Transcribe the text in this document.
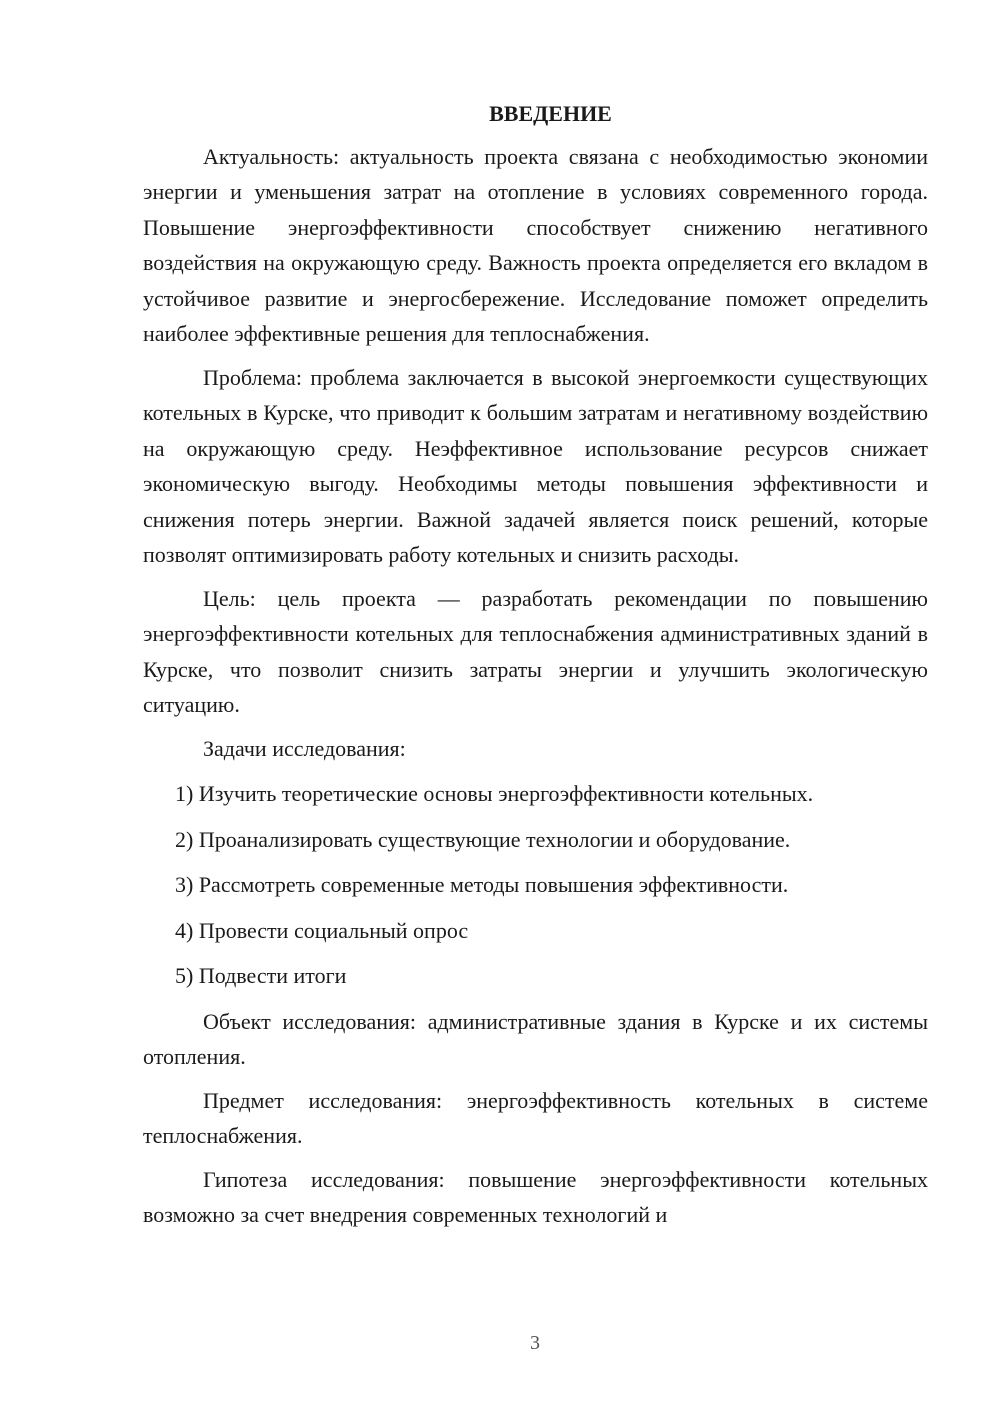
ВВЕДЕНИЕ

Актуальность: актуальность проекта связана с необходимостью экономии энергии и уменьшения затрат на отопление в условиях современного города. Повышение энергоэффективности способствует снижению негативного воздействия на окружающую среду. Важность проекта определяется его вкладом в устойчивое развитие и энергосбережение. Исследование поможет определить наиболее эффективные решения для теплоснабжения.

Проблема: проблема заключается в высокой энергоемкости существующих котельных в Курске, что приводит к большим затратам и негативному воздействию на окружающую среду. Неэффективное использование ресурсов снижает экономическую выгоду. Необходимы методы повышения эффективности и снижения потерь энергии. Важной задачей является поиск решений, которые позволят оптимизировать работу котельных и снизить расходы.

Цель: цель проекта — разработать рекомендации по повышению энергоэффективности котельных для теплоснабжения административных зданий в Курске, что позволит снизить затраты энергии и улучшить экологическую ситуацию.

Задачи исследования:

1) Изучить теоретические основы энергоэффективности котельных.
2) Проанализировать существующие технологии и оборудование.
3) Рассмотреть современные методы повышения эффективности.
4) Провести социальный опрос
5) Подвести итоги

Объект исследования: административные здания в Курске и их системы отопления.

Предмет исследования: энергоэффективность котельных в системе теплоснабжения.

Гипотеза исследования: повышение энергоэффективности котельных возможно за счет внедрения современных технологий и

3
